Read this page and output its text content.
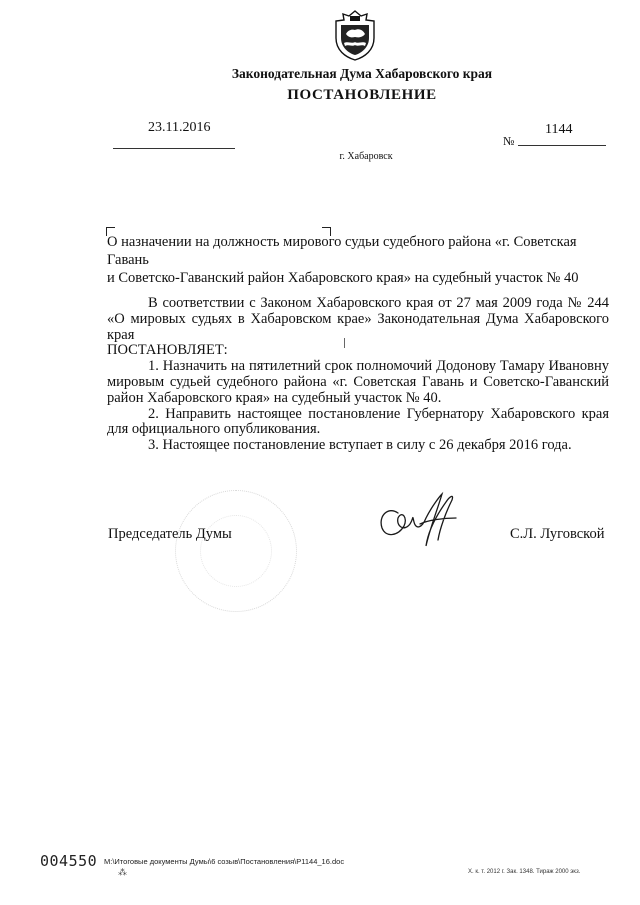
Законодательная Дума Хабаровского края
ПОСТАНОВЛЕНИЕ
23.11.2016	1144
№
г. Хабаровск
О назначении на должность мирового судьи судебного района «г. Советская Гавань
и Советско-Гаванский район Хабаровского края» на судебный участок № 40
В соответствии с Законом Хабаровского края от 27 мая 2009 года № 244 «О мировых судьях в Хабаровском крае» Законодательная Дума Хабаровского края
ПОСТАНОВЛЯЕТ:
1. Назначить на пятилетний срок полномочий Додонову Тамару Ивановну мировым судьей судебного района «г. Советская Гавань и Советско-Гаванский район Хабаровского края» на судебный участок № 40.
2. Направить настоящее постановление Губернатору Хабаровского края для официального опубликования.
3. Настоящее постановление вступает в силу с 26 декабря 2016 года.
Председатель Думы	С.Л. Луговской
004550 М:\Итоговые документы Думы\6 созыв\Постановления\Р1144_16.doc
⁂	Х. к. т. 2012 г. Зак. 1348. Тираж 2000 экз.
